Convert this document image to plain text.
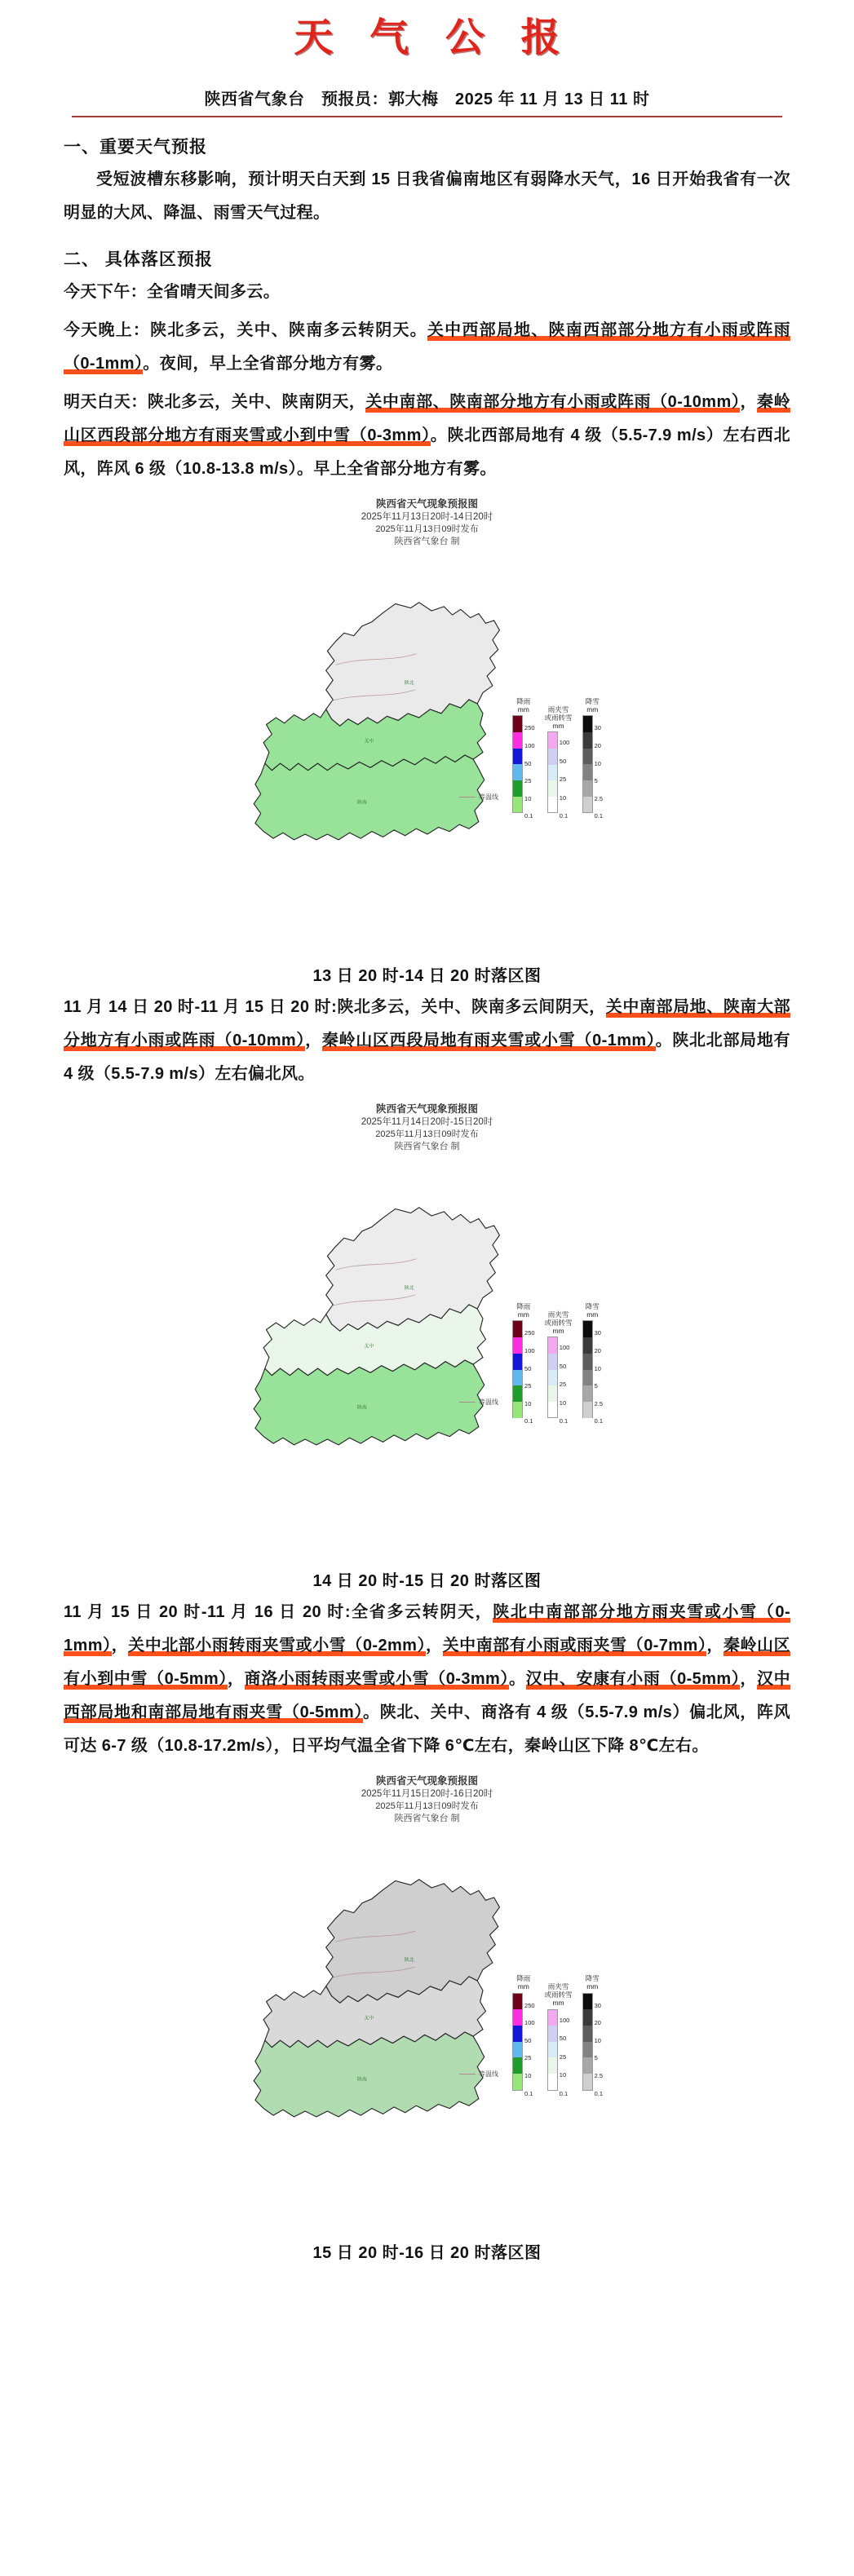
天 气 公 报
陕西省气象台　预报员：郭大梅　2025 年 11 月 13 日 11 时
一、重要天气预报

受短波槽东移影响，预计明天白天到 15 日我省偏南地区有弱降水天气，16 日开始我省有一次明显的大风、降温、雨雪天气过程。

二、 具体落区预报

今天下午：全省晴天间多云。

今天晚上：陕北多云，关中、陕南多云转阴天。关中西部局地、陕南西部部分地方有小雨或阵雨（0-1mm）。夜间，早上全省部分地方有雾。

明天白天：陕北多云，关中、陕南阴天，关中南部、陕南部分地方有小雨或阵雨（0-10mm），秦岭山区西段部分地方有雨夹雪或小到中雪（0-3mm）。陕北西部局地有 4 级（5.5-7.9 m/s）左右西北风，阵风 6 级（10.8-13.8 m/s）。早上全省部分地方有雾。

陕西省天气现象预报图
2025年11月13日20时-14日20时
2025年11月13日09时发布
陕西省气象台 制
陕北
关中
陕南
降雨
mm
250
100
50
25
10
0.1
雨夹雪
或雨转雪
mm
100
50
25
10
0.1
降雪
mm
30
20
10
5
2.5
0.1
等温线
13 日 20 时-14 日 20 时落区图

11 月 14 日 20 时-11 月 15 日 20 时:陕北多云，关中、陕南多云间阴天，关中南部局地、陕南大部分地方有小雨或阵雨（0-10mm），秦岭山区西段局地有雨夹雪或小雪（0-1mm）。陕北北部局地有 4 级（5.5-7.9 m/s）左右偏北风。

陕西省天气现象预报图
2025年11月14日20时-15日20时
2025年11月13日09时发布
陕西省气象台 制
陕北
关中
陕南
降雨
mm
250
100
50
25
10
0.1
雨夹雪
或雨转雪
mm
100
50
25
10
0.1
降雪
mm
30
20
10
5
2.5
0.1
等温线
14 日 20 时-15 日 20 时落区图

11 月 15 日 20 时-11 月 16 日 20 时:全省多云转阴天，陕北中南部部分地方雨夹雪或小雪（0-1mm），关中北部小雨转雨夹雪或小雪（0-2mm），关中南部有小雨或雨夹雪（0-7mm），秦岭山区有小到中雪（0-5mm），商洛小雨转雨夹雪或小雪（0-3mm）。汉中、安康有小雨（0-5mm），汉中西部局地和南部局地有雨夹雪（0-5mm）。陕北、关中、商洛有 4 级（5.5-7.9 m/s）偏北风，阵风可达 6-7 级（10.8-17.2m/s），日平均气温全省下降 6℃左右，秦岭山区下降 8℃左右。

陕西省天气现象预报图
2025年11月15日20时-16日20时
2025年11月13日09时发布
陕西省气象台 制
陕北
关中
陕南
降雨
mm
250
100
50
25
10
0.1
雨夹雪
或雨转雪
mm
100
50
25
10
0.1
降雪
mm
30
20
10
5
2.5
0.1
等温线
15 日 20 时-16 日 20 时落区图
